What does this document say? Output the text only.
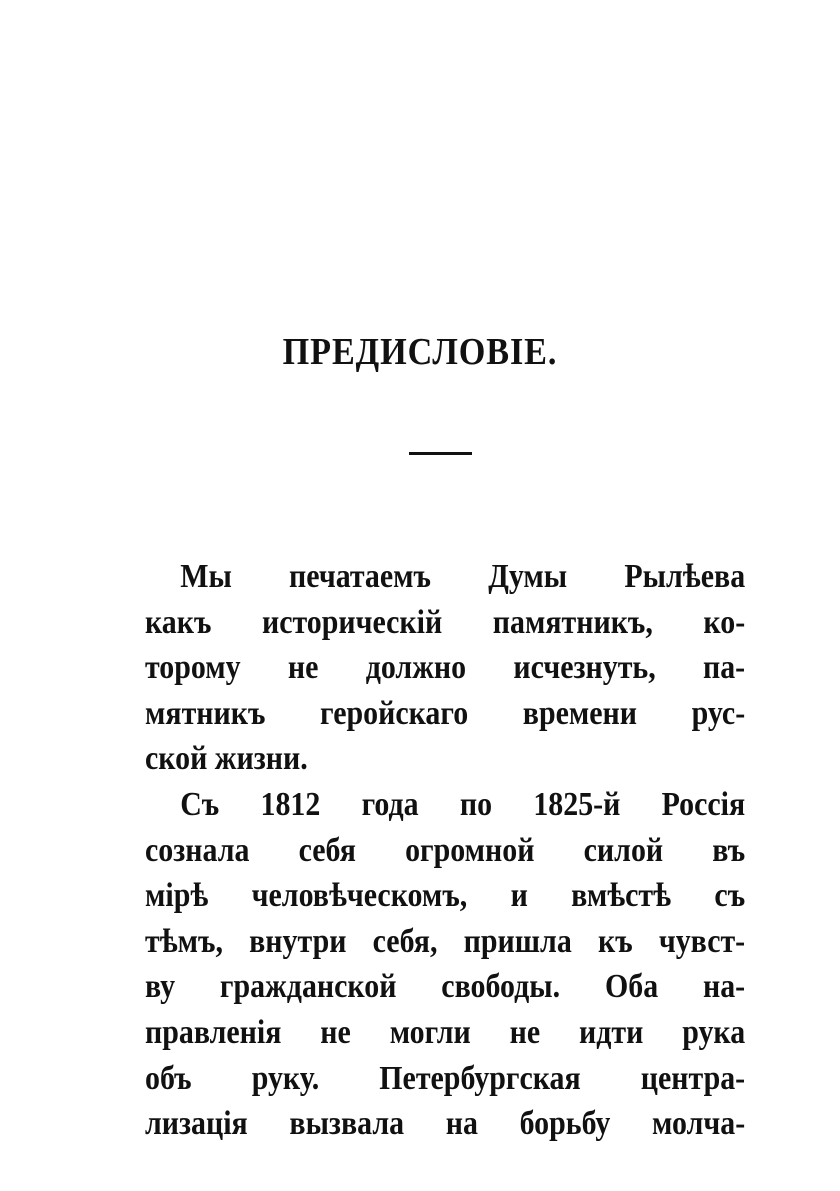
ПРЕДИСЛОВІЕ.
Мы печатаемъ Думы Рылѣева
какъ историческій памятникъ, ко-
торому не должно исчезнуть, па-
мятникъ геройскаго времени рус-
ской жизни.
Съ 1812 года по 1825-й Россія
сознала себя огромной силой въ
мірѣ человѣческомъ, и вмѣстѣ съ
тѣмъ, внутри себя, пришла къ чувст-
ву гражданской свободы. Оба на-
правленія не могли не идти рука
объ руку. Петербургская центра-
лизація вызвала на борьбу молча-
